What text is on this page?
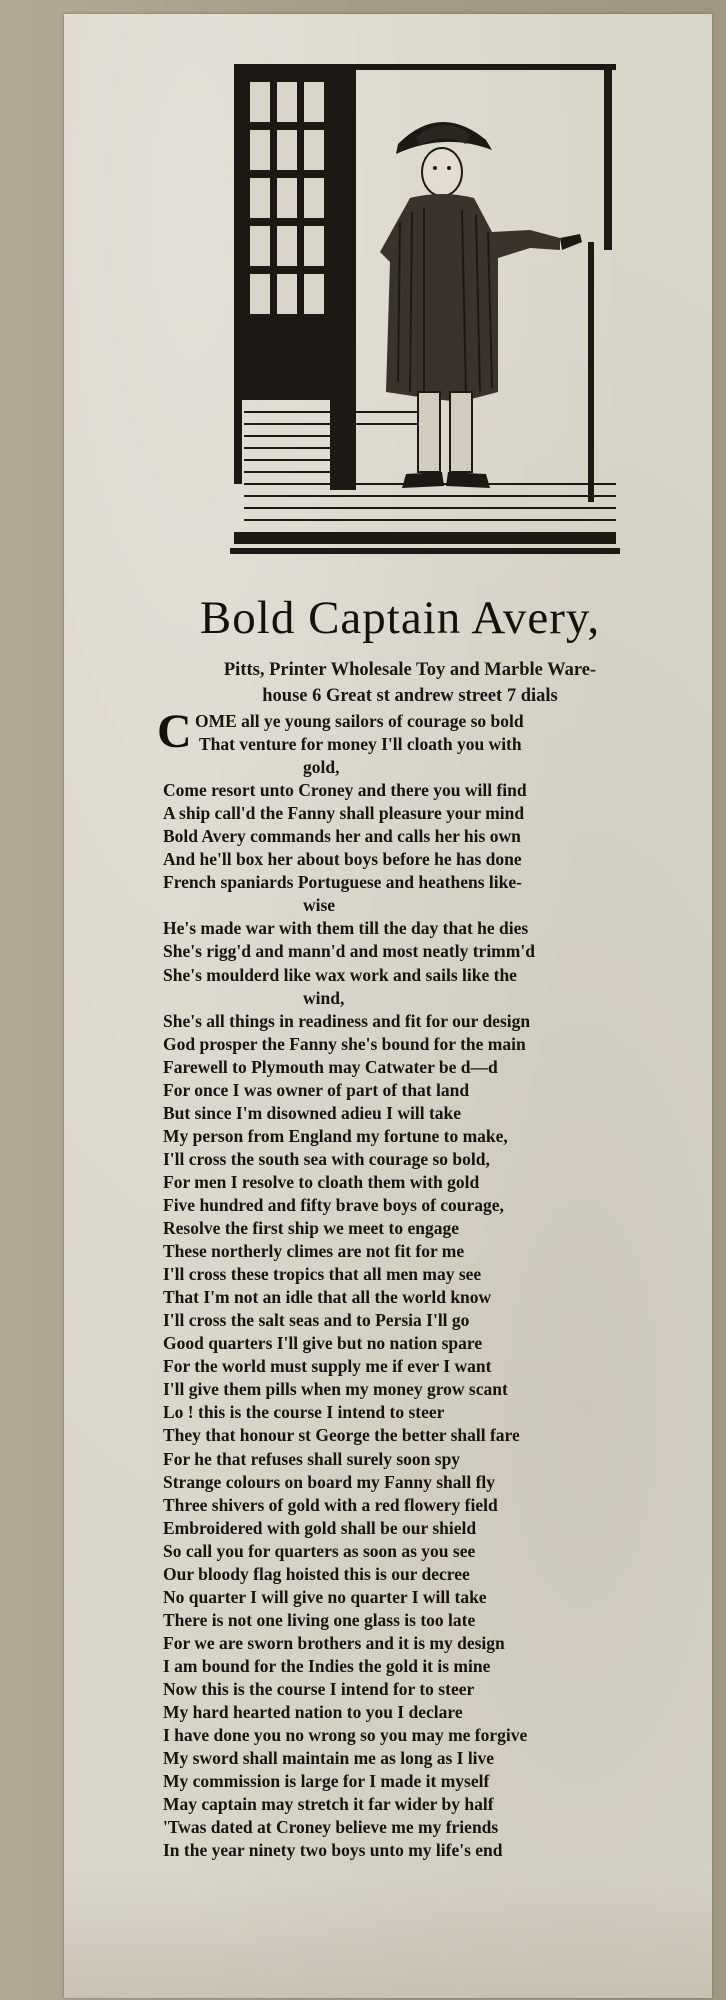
Bold Captain Avery,
Pitts, Printer Wholesale Toy and Marble Ware-
house 6 Great st andrew street 7 dials
C OME all ye young sailors of courage so bold
That venture for money I'll cloath you with
gold,
Come resort unto Croney and there you will find
A ship call'd the Fanny shall pleasure your mind
Bold Avery commands her and calls her his own
And he'll box her about boys before he has done
French spaniards Portuguese and heathens like-
wise
He's made war with them till the day that he dies
She's rigg'd and mann'd and most neatly trimm'd
She's moulderd like wax work and sails like the
wind,
She's all things in readiness and fit for our design
God prosper the Fanny she's bound for the main
Farewell to Plymouth may Catwater be d—d
For once I was owner of part of that land
But since I'm disowned adieu I will take
My person from England my fortune to make,
I'll cross the south sea with courage so bold,
For men I resolve to cloath them with gold
Five hundred and fifty brave boys of courage,
Resolve the first ship we meet to engage
These northerly climes are not fit for me
I'll cross these tropics that all men may see
That I'm not an idle that all the world know
I'll cross the salt seas and to Persia I'll go
Good quarters I'll give but no nation spare
For the world must supply me if ever I want
I'll give them pills when my money grow scant
Lo ! this is the course I intend to steer
They that honour st George the better shall fare
For he that refuses shall surely soon spy
Strange colours on board my Fanny shall fly
Three shivers of gold with a red flowery field
Embroidered with gold shall be our shield
So call you for quarters as soon as you see
Our bloody flag hoisted this is our decree
No quarter I will give no quarter I will take
There is not one living one glass is too late
For we are sworn brothers and it is my design
I am bound for the Indies the gold it is mine
Now this is the course I intend for to steer
My hard hearted nation to you I declare
I have done you no wrong so you may me forgive
My sword shall maintain me as long as I live
My commission is large for I made it myself
May captain may stretch it far wider by half
'Twas dated at Croney believe me my friends
In the year ninety two boys unto my life's end
